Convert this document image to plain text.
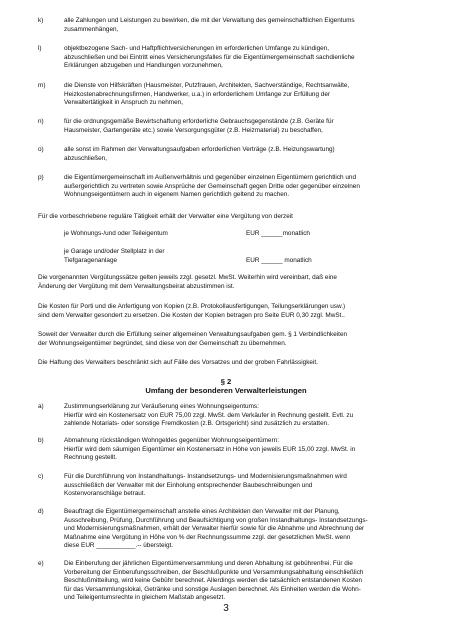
k)	alle Zahlungen und Leistungen zu bewirken, die mit der Verwaltung des gemeinschaftlichen Eigentums
zusammenhängen,
l)	objektbezogene Sach- und Haftpflichtversicherungen im erforderlichen Umfange zu kündigen,
abzuschließen und bei Eintritt eines Versicherungsfalles für die Eigentümergemeinschaft sachdienliche
Erklärungen abzugeben und Handlungen vorzunehmen,
m)	die Dienste von Hilfskräften (Hausmeister, Putzfrauen, Architekten, Sachverständige, Rechtsanwälte,
Heizkostenabrechnungsfirmen, Handwerker, u.a.) in erforderlichem Umfange zur Erfüllung der
Verwaltertätigkeit in Anspruch zu nehmen,
n)	für die ordnungsgemäße Bewirtschaftung erforderliche Gebrauchsgegenstände (z.B. Geräte für
Hausmeister, Gartengeräte etc.) sowie Versorgungsgüter (z.B. Heizmaterial) zu beschaffen,
o)	alle sonst im Rahmen der Verwaltungsaufgaben erforderlichen Verträge (z.B. Heizungswartung)
abzuschließen,
p)	die Eigentümergemeinschaft im Außenverhältnis und gegenüber einzelnen Eigentümern gerichtlich und
außergerichtlich zu vertreten sowie Ansprüche der Gemeinschaft gegen Dritte oder gegenüber einzelnen
Wohnungseigentümern auch in eigenem Namen gerichtlich geltend zu machen.
Für die vorbeschriebene reguläre Tätigkeit erhält der Verwalter eine Vergütung von derzeit
je Wohnungs-/und oder Teileigentum	EUR ______monatlich
je Garage und/oder Stellplatz in der
Tiefgaragenanlage	EUR ______ monatlich
Die vorgenannten Vergütungssätze gelten jeweils zzgl. gesetzl. MwSt. Weiterhin wird vereinbart, daß eine
Änderung der Vergütung mit dem Verwaltungsbeirat abzustimmen ist.
Die Kosten für Porti und die Anfertigung von Kopien (z.B. Protokollausfertigungen, Teilungserklärungen usw.)
sind dem Verwalter gesondert zu ersetzen. Die Kosten der Kopien betragen pro Seite EUR 0,30 zzgl. MwSt..
Soweit der Verwalter durch die Erfüllung seiner allgemeinen Verwaltungsaufgaben gem. § 1 Verbindlichkeiten
der Wohnungseigentümer begründet, sind diese von der Gemeinschaft zu übernehmen.
Die Haftung des Verwalters beschränkt sich auf Fälle des Vorsatzes und der groben Fahrlässigkeit.
§ 2
Umfang der besonderen Verwalterleistungen
a)	Zustimmungserklärung zur Veräußerung eines Wohnungseigentums:
Hierfür wird ein Kostenersatz von EUR 75,00 zzgl. MwSt. dem Verkäufer in Rechnung gestellt. Evtl. zu
zahlende Notariats- oder sonstige Fremdkosten (z.B. Ortsgericht) sind zusätzlich zu erstatten.
b)	Abmahnung rückständigen Wohngeldes gegenüber Wohnungseigentümern:
Hierfür wird dem säumigen Eigentümer ein Kostenersatz in Höhe von jeweils EUR 15,00 zzgl. MwSt. in
Rechnung gestellt.
c)	Für die Durchführung von Instandhaltungs- Instandsetzungs- und Modernisierungsmaßnahmen wird
ausschließlich der Verwalter mit der Einholung entsprechender Baubeschreibungen und
Kostenvoranschläge betraut.
d)	Beauftragt die Eigentümergemeinschaft anstelle eines Architekten den Verwalter mit der Planung,
Ausschreibung, Prüfung, Durchführung und Beaufsichtigung von großen Instandhaltungs- Instandsetzungs-
und Modernisierungsmaßnahmen, erhält der Verwalter hierfür sowie für die Abnahme und Abrechnung der
Maßnahme eine Vergütung in Höhe von % der Rechnungssumme zzgl. der gesetzlichen MwSt. wenn
diese EUR ___________.-- übersteigt.
e)	Die Einberufung der jährlichen Eigentümerversammlung und deren Abhaltung ist gebührenfrei. Für die
Vorbereitung der Einberufungsschreiben, der Beschlußpunkte und Versammlungsabhaltung einschließlich
Beschlußmitteilung, wird keine Gebühr berechnet. Allerdings werden die tatsächlich entstandenen Kosten
für das Versammlungslokal, Getränke und sonstige Auslagen berechnet. Als Einheiten werden die Wohn-
und Teileigentumsrechte in gleichem Maßstab angesetzt.
3
